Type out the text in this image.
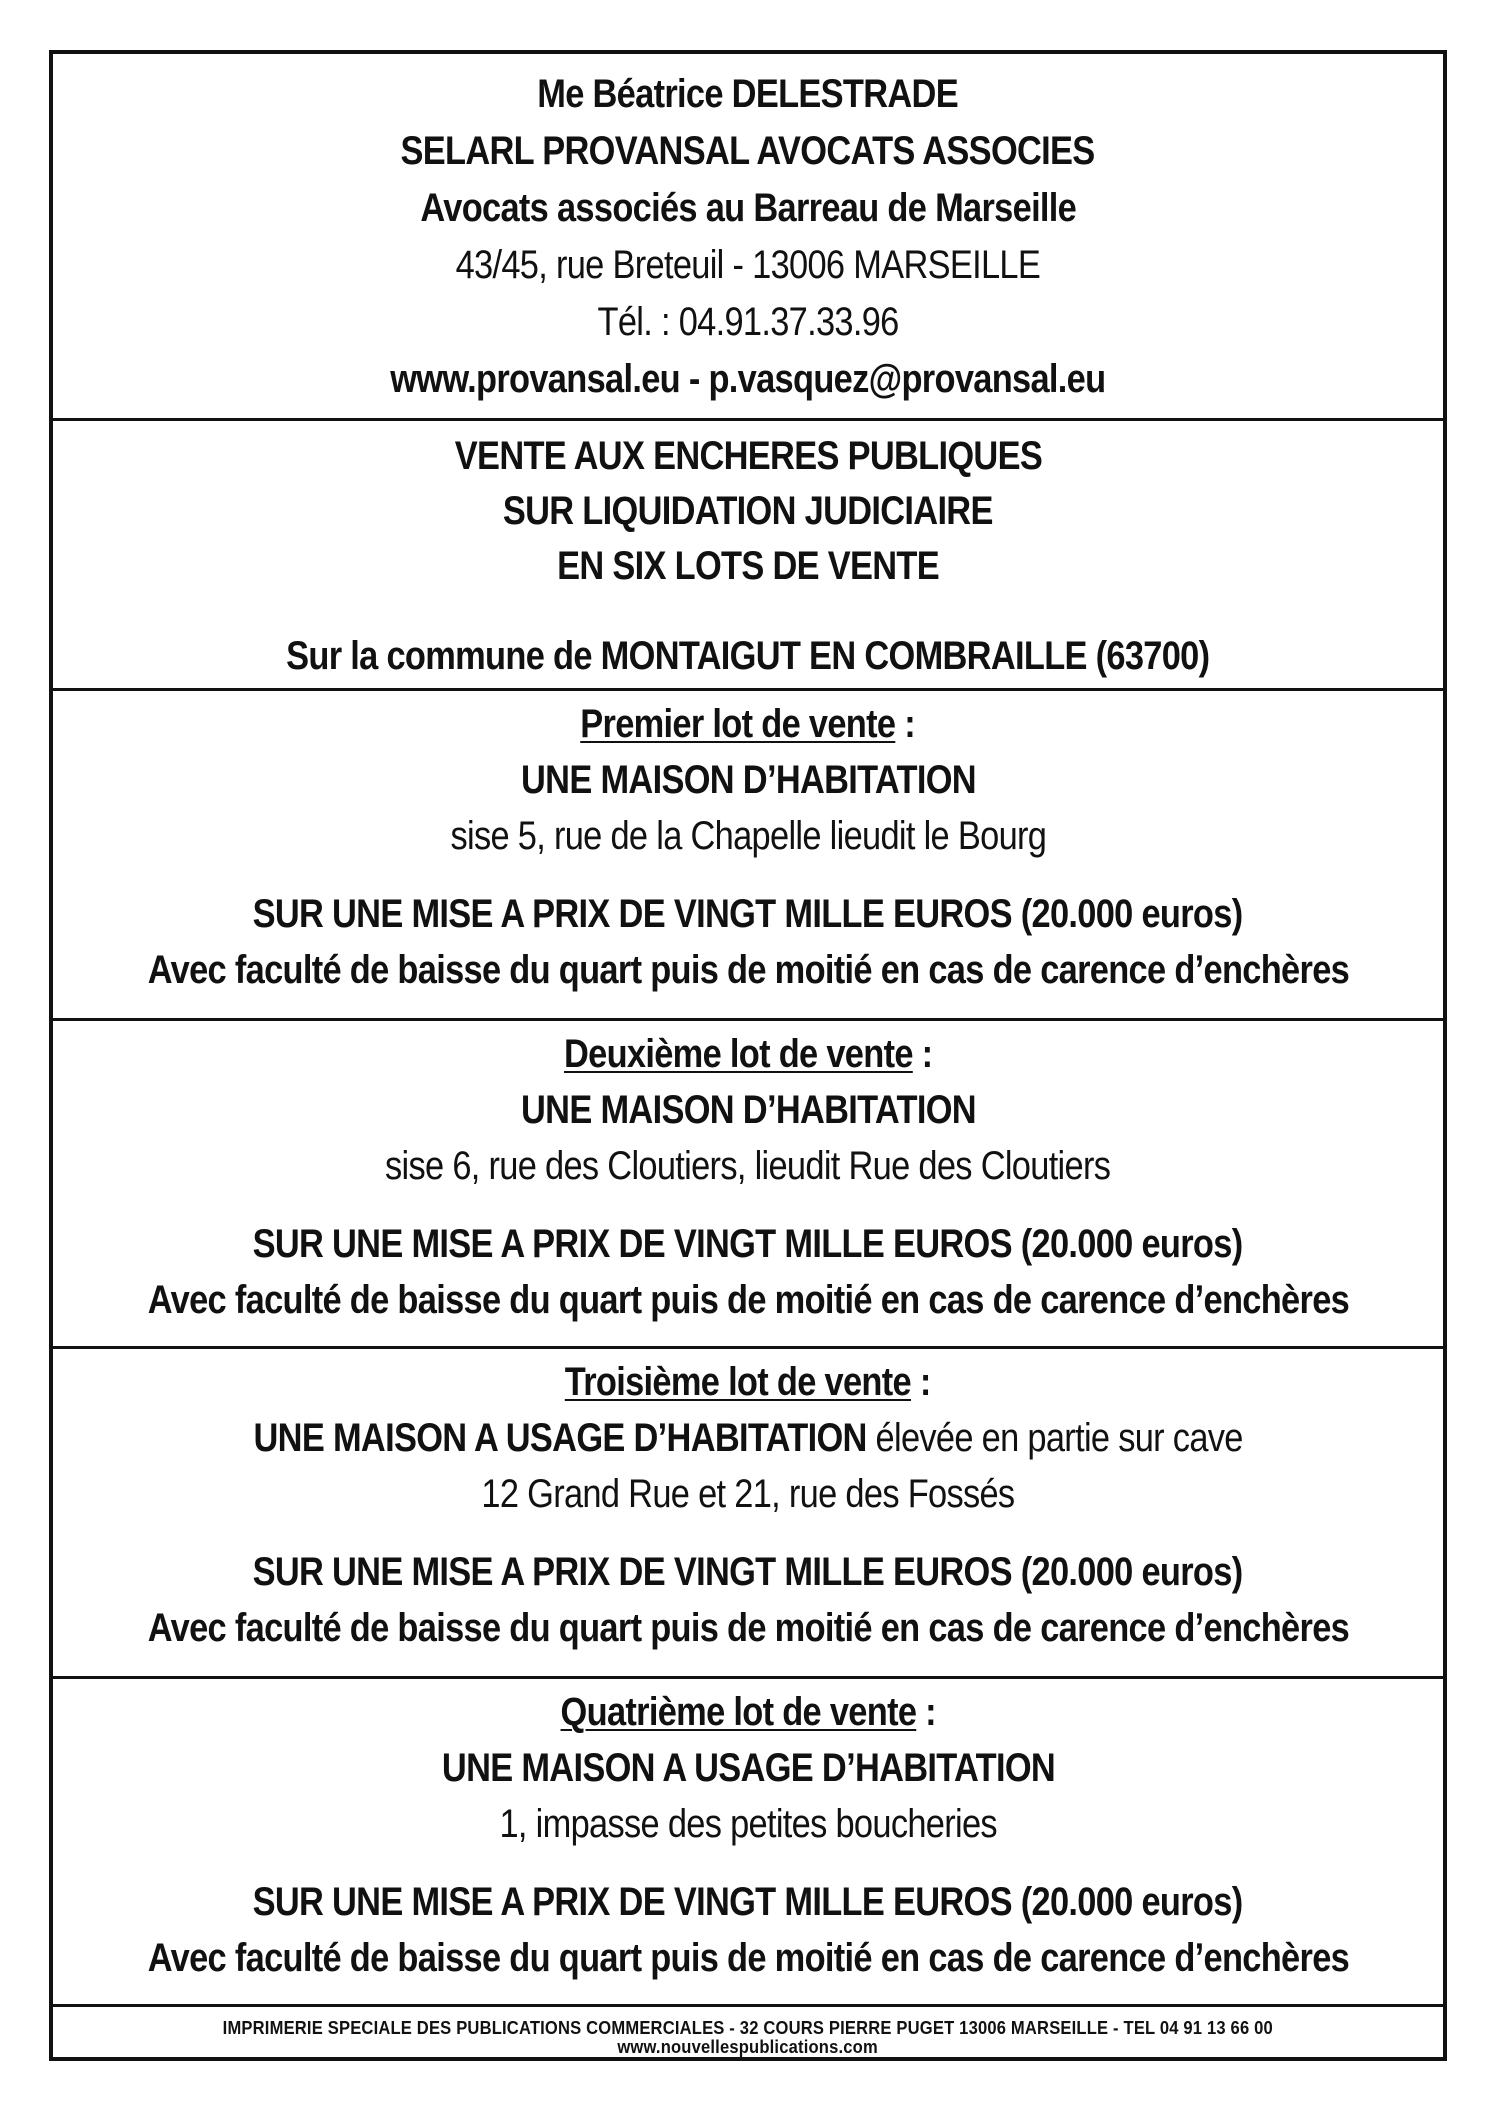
Me Béatrice DELESTRADE
SELARL PROVANSAL AVOCATS ASSOCIES
Avocats associés au Barreau de Marseille
43/45, rue Breteuil - 13006 MARSEILLE
Tél. : 04.91.37.33.96
www.provansal.eu - p.vasquez@provansal.eu
VENTE AUX ENCHERES PUBLIQUES
SUR LIQUIDATION JUDICIAIRE
EN SIX LOTS DE VENTE
Sur la commune de MONTAIGUT EN COMBRAILLE (63700)
Premier lot de vente :
UNE MAISON D’HABITATION
sise 5, rue de la Chapelle lieudit le Bourg
SUR UNE MISE A PRIX DE VINGT MILLE EUROS (20.000 euros)
Avec faculté de baisse du quart puis de moitié en cas de carence d’enchères
Deuxième lot de vente :
UNE MAISON D’HABITATION
sise 6, rue des Cloutiers, lieudit Rue des Cloutiers
SUR UNE MISE A PRIX DE VINGT MILLE EUROS (20.000 euros)
Avec faculté de baisse du quart puis de moitié en cas de carence d’enchères
Troisième lot de vente :
UNE MAISON A USAGE D’HABITATION élevée en partie sur cave
12 Grand Rue et 21, rue des Fossés
SUR UNE MISE A PRIX DE VINGT MILLE EUROS (20.000 euros)
Avec faculté de baisse du quart puis de moitié en cas de carence d’enchères
Quatrième lot de vente :
UNE MAISON A USAGE D’HABITATION
1, impasse des petites boucheries
SUR UNE MISE A PRIX DE VINGT MILLE EUROS (20.000 euros)
Avec faculté de baisse du quart puis de moitié en cas de carence d’enchères
IMPRIMERIE SPECIALE DES PUBLICATIONS COMMERCIALES - 32 COURS PIERRE PUGET 13006 MARSEILLE - TEL 04 91 13 66 00
www.nouvellespublications.com
